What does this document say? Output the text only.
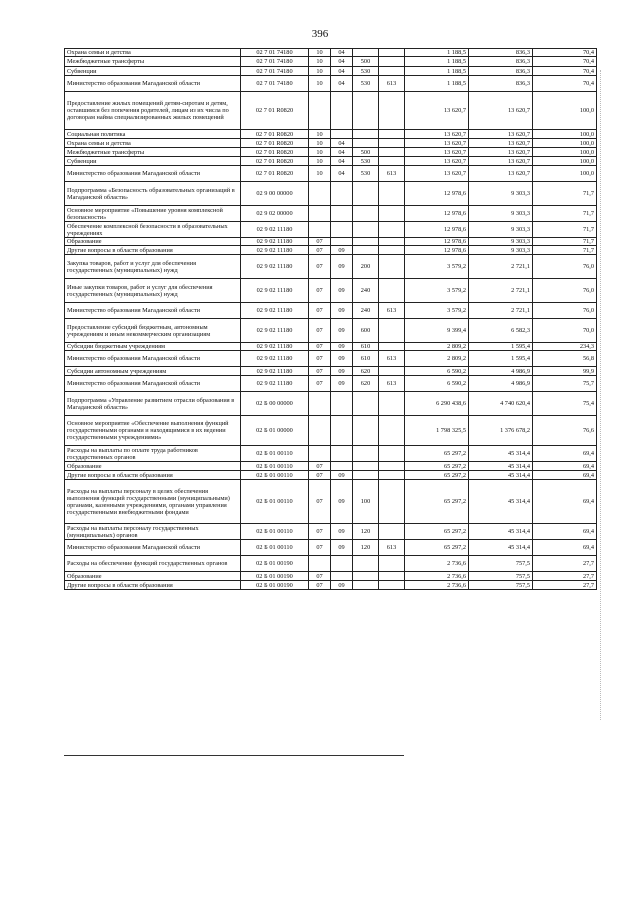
396
Охрана семьи и детства	02 7 01 74180	10	04			1 188,5	836,3	70,4
Межбюджетные трансферты	02 7 01 74180	10	04	500		1 188,5	836,3	70,4
Субвенции	02 7 01 74180	10	04	530		1 188,5	836,3	70,4
Министерство образования Магаданской области	02 7 01 74180	10	04	530	613	1 188,5	836,3	70,4
Предоставление жилых помещений детям-сиротам и детям, оставшимся без попечения родителей, лицам из их числа по договорам найма специализированных жилых помещений	02 7 01 R0820					13 620,7	13 620,7	100,0
Социальная политика	02 7 01 R0820	10				13 620,7	13 620,7	100,0
Охрана семьи и детства	02 7 01 R0820	10	04			13 620,7	13 620,7	100,0
Межбюджетные трансферты	02 7 01 R0820	10	04	500		13 620,7	13 620,7	100,0
Субвенции	02 7 01 R0820	10	04	530		13 620,7	13 620,7	100,0
Министерство образования Магаданской области	02 7 01 R0820	10	04	530	613	13 620,7	13 620,7	100,0
Подпрограмма «Безопасность образовательных организаций в Магаданской области»	02 9 00 00000					12 978,6	9 303,3	71,7
Основное мероприятие «Повышение уровня комплексной безопасности»	02 9 02 00000					12 978,6	9 303,3	71,7
Обеспечение комплексной безопасности в образовательных учреждениях	02 9 02 11180					12 978,6	9 303,3	71,7
Образование	02 9 02 11180	07				12 978,6	9 303,3	71,7
Другие вопросы в области образования	02 9 02 11180	07	09			12 978,6	9 303,3	71,7
Закупка товаров, работ и услуг для обеспечения государственных (муниципальных) нужд	02 9 02 11180	07	09	200		3 579,2	2 721,1	76,0
Иные закупки товаров, работ и услуг для обеспечения государственных (муниципальных) нужд	02 9 02 11180	07	09	240		3 579,2	2 721,1	76,0
Министерство образования Магаданской области	02 9 02 11180	07	09	240	613	3 579,2	2 721,1	76,0
Предоставление субсидий бюджетным, автономным учреждениям и иным некоммерческим организациям	02 9 02 11180	07	09	600		9 399,4	6 582,3	70,0
Субсидии бюджетным учреждениям	02 9 02 11180	07	09	610		2 809,2	1 595,4	234,3
Министерство образования Магаданской области	02 9 02 11180	07	09	610	613	2 809,2	1 595,4	56,8
Субсидии автономным учреждениям	02 9 02 11180	07	09	620		6 590,2	4 986,9	99,9
Министерство образования Магаданской области	02 9 02 11180	07	09	620	613	6 590,2	4 986,9	75,7
Подпрограмма «Управление развитием отрасли образования в Магаданской области»	02 Б 00 00000					6 290 438,6	4 740 620,4	75,4
Основное мероприятие «Обеспечение выполнения функций государственными органами и находящимися в их ведении государственными учреждениями»	02 Б 01 00000					1 798 325,5	1 376 678,2	76,6
Расходы на выплаты по оплате труда работников государственных органов	02 Б 01 00110					65 297,2	45 314,4	69,4
Образование	02 Б 01 00110	07				65 297,2	45 314,4	69,4
Другие вопросы в области образования	02 Б 01 00110	07	09			65 297,2	45 314,4	69,4
Расходы на выплаты персоналу в целях обеспечения выполнения функций государственными (муниципальными) органами, казенными учреждениями, органами управления государственными внебюджетными фондами	02 Б 01 00110	07	09	100		65 297,2	45 314,4	69,4
Расходы на выплаты персоналу государственных (муниципальных) органов	02 Б 01 00110	07	09	120		65 297,2	45 314,4	69,4
Министерство образования Магаданской области	02 Б 01 00110	07	09	120	613	65 297,2	45 314,4	69,4
Расходы на обеспечение функций государственных органов	02 Б 01 00190					2 736,6	757,5	27,7
Образование	02 Б 01 00190	07				2 736,6	757,5	27,7
Другие вопросы в области образования	02 Б 01 00190	07	09			2 736,6	757,5	27,7
